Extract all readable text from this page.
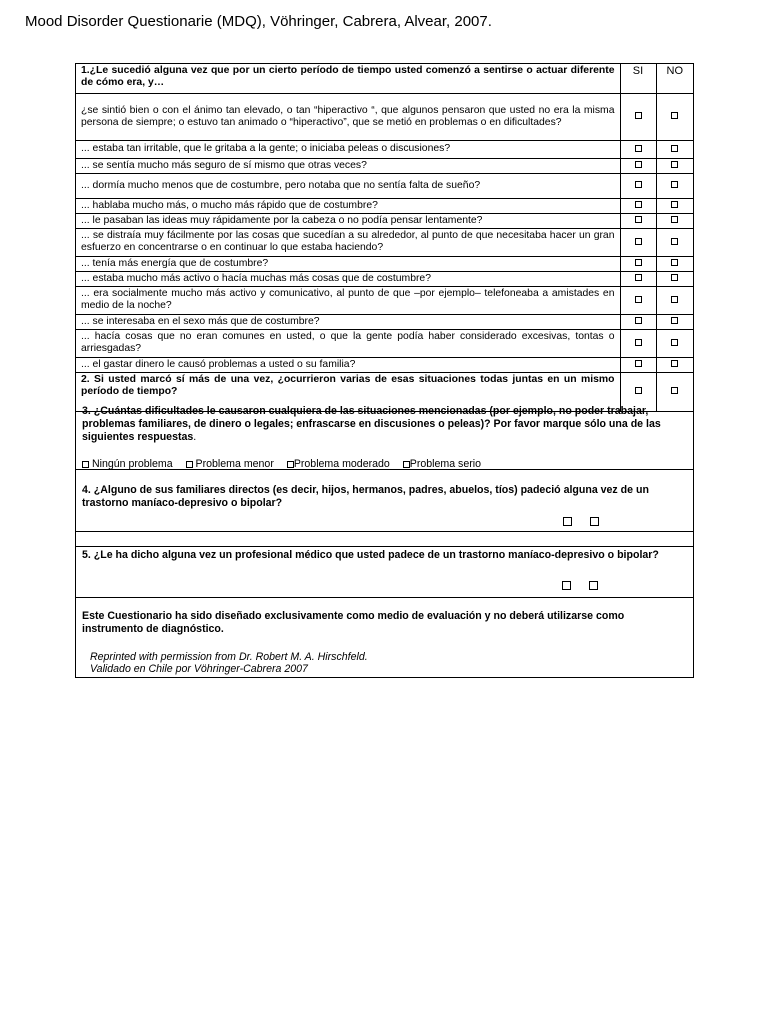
Mood Disorder Questionarie (MDQ), Vöhringer, Cabrera, Alvear, 2007.
1.¿Le sucedió alguna vez que por un cierto período de tiempo usted comenzó a sentirse o actuar diferente de cómo era, y…	SI	NO
¿se sintió bien o con el ánimo tan elevado, o tan “hiperactivo “, que algunos pensaron que usted no era la misma persona de siempre; o estuvo tan animado o “hiperactivo”, que se metió en problemas o en dificultades?		
... estaba tan irritable, que le gritaba a la gente; o iniciaba peleas o discusiones?		
... se sentía mucho más seguro de sí mismo que otras veces?		
... dormía mucho menos que de costumbre, pero notaba que no sentía falta de sueño?		
... hablaba mucho más, o mucho más rápido que de costumbre?		
... le pasaban las ideas muy rápidamente por la cabeza o no podía pensar lentamente?		
... se distraía muy fácilmente por las cosas que sucedían a su alrededor, al punto de que necesitaba hacer un gran esfuerzo en concentrarse o en continuar lo que estaba haciendo?		
... tenía más energía que de costumbre?		
... estaba mucho más activo o hacía muchas más cosas que de costumbre?		
... era socialmente mucho más activo y comunicativo, al punto de que –por ejemplo– telefoneaba a amistades en medio de la noche?		
... se interesaba en el sexo más que de costumbre?		
... hacía cosas que no eran comunes en usted, o que la gente podía haber considerado excesivas, tontas o arriesgadas?		
... el gastar dinero le causó problemas a usted o su familia?		
2. Si usted marcó sí más de una vez, ¿ocurrieron varias de esas situaciones todas juntas en un mismo período de tiempo?		
3. ¿Cuántas dificultades le causaron cualquiera de las situaciones mencionadas (por ejemplo, no poder trabajar, problemas familiares, de dinero o legales; enfrascarse en discusiones o peleas)? Por favor marque sólo una de las siguientes respuestas.
Ningún problema Problema menor Problema moderado Problema serio
4. ¿Alguno de sus familiares directos (es decir, hijos, hermanos, padres, abuelos, tíos) padeció alguna vez de un trastorno maníaco-depresivo o bipolar?
5. ¿Le ha dicho alguna vez un profesional médico que usted padece de un trastorno maníaco-depresivo o bipolar?
Este Cuestionario ha sido diseñado exclusivamente como medio de evaluación y no deberá utilizarse como instrumento de diagnóstico.
Reprinted with permission from Dr. Robert M. A. Hirschfeld.
Validado en Chile por Vöhringer-Cabrera 2007
